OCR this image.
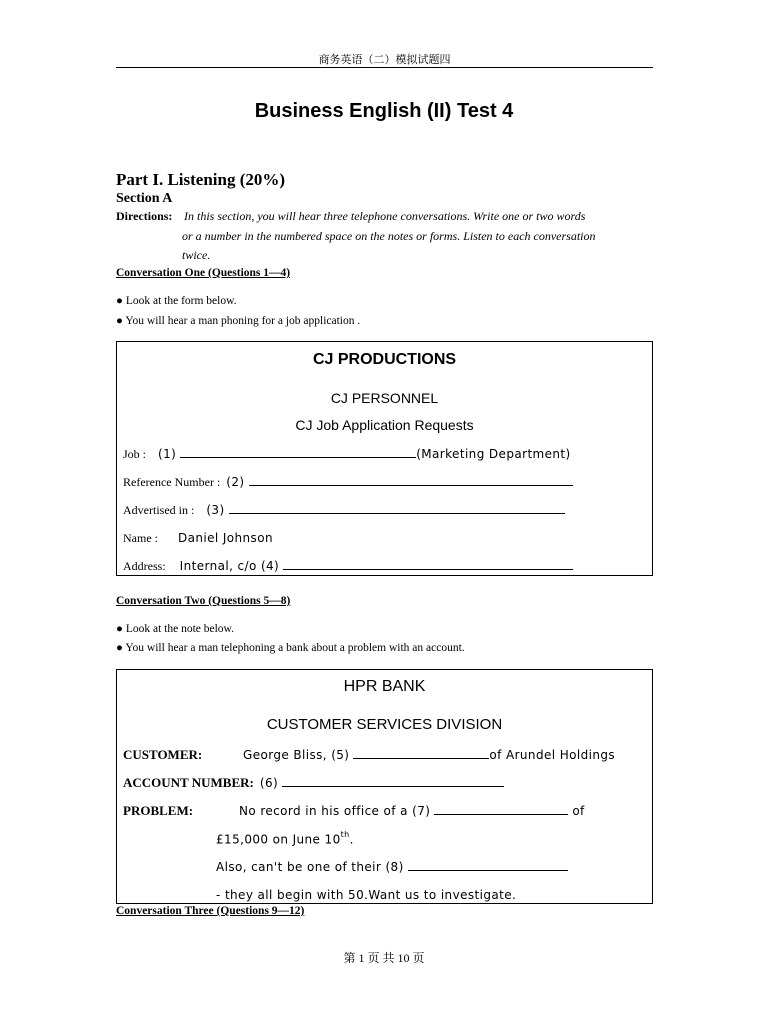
商务英语（二）模拟试题四
Business English (II) Test 4
Part I. Listening (20%)
Section A
Directions: In this section, you will hear three telephone conversations. Write one or two words
or a number in the numbered space on the notes or forms. Listen to each conversation
twice.
Conversation One (Questions 1—4)
● Look at the form below.
● You will hear a man phoning for a job application .
CJ PRODUCTIONS
CJ PERSONNEL
CJ Job Application Requests
Job : (1)	(Marketing Department)
Reference Number : (2)
Advertised in : (3)
Name : Daniel Johnson
Address: Internal, c/o (4)
Conversation Two (Questions 5—8)
● Look at the note below.
● You will hear a man telephoning a bank about a problem with an account.
HPR BANK
CUSTOMER SERVICES DIVISION
CUSTOMER:	George Bliss, (5)	of Arundel Holdings
ACCOUNT NUMBER: (6)
PROBLEM:	No record in his office of a (7)	of
£15,000 on June 10th.
Also, can't be one of their (8)
- they all begin with 50.Want us to investigate.
Conversation Three (Questions 9—12)
第 1 页 共 10 页
